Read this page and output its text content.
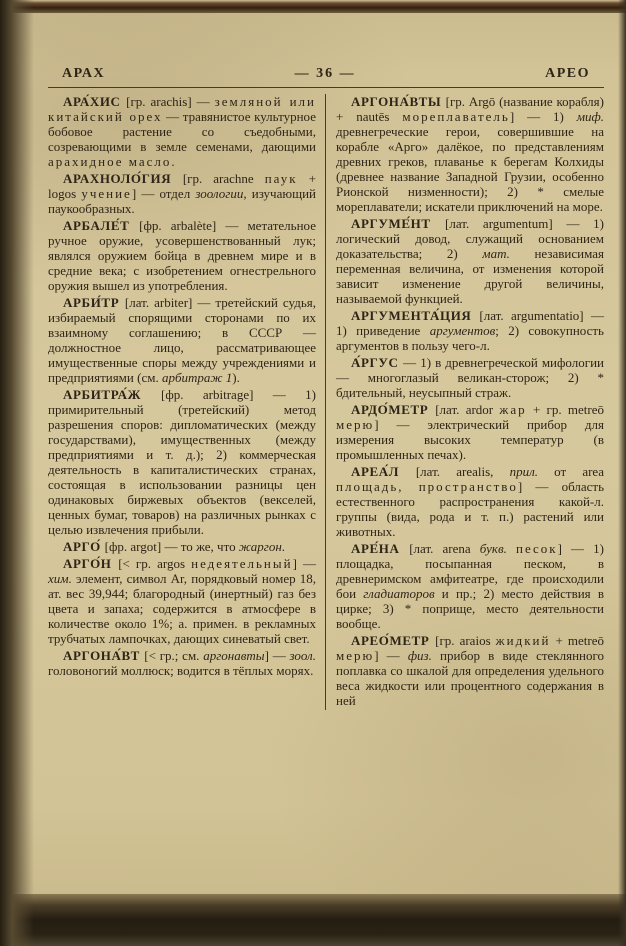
АРАХ	— 36 —	АРЕО

АРА́ХИС [гр. arachis] — земляной или китайский орех — травянистое культурное бобовое растение со съедобными, созревающими в земле семенами, дающими арахидное масло.

АРАХНОЛО́ГИЯ [гр. arachne паук + logos учение] — отдел зоологии, изучающий паукообразных.

АРБАЛЕ́Т [фр. arbalète] — метательное ручное оружие, усовершенствованный лук; являлся оружием бойца в древнем мире и в средние века; с изобретением огнестрельного оружия вышел из употребления.

АРБИ́ТР [лат. arbiter] — третейский судья, избираемый спорящими сторонами по их взаимному соглашению; в СССР — должностное лицо, рассматривающее имущественные споры между учреждениями и предприятиями (см. арбитраж 1).

АРБИТРА́Ж [фр. arbitrage] — 1) примирительный (третейский) метод разрешения споров: дипломатических (между государствами), имущественных (между предприятиями и т. д.); 2) коммерческая деятельность в капиталистических странах, состоящая в использовании разницы цен одинаковых биржевых объектов (векселей, ценных бумаг, товаров) на различных рынках с целью извлечения прибыли.

АРГО́ [фр. argot] — то же, что жаргон.

АРГО́Н [< гр. argos недеятельный] — хим. элемент, символ Ar, порядковый номер 18, ат. вес 39,944; благородный (инертный) газ без цвета и запаха; содержится в атмосфере в количестве около 1%; а. примен. в рекламных трубчатых лампочках, дающих синеватый свет.

АРГОНА́ВТ [< гр.; см. аргонавты] — зоол. головоногий моллюск; водится в тёплых морях.

АРГОНА́ВТЫ [гр. Argō (название корабля) + nautēs мореплаватель] — 1) миф. древнегреческие герои, совершившие на корабле «Арго» далёкое, по представлениям древних греков, плаванье к берегам Колхиды (древнее название Западной Грузии, особенно Рионской низменности); 2) * смелые мореплаватели; искатели приключений на море.

АРГУМЕ́НТ [лат. argumentum] — 1) логический довод, служащий основанием доказательства; 2) мат. независимая переменная величина, от изменения которой зависит изменение другой величины, называемой функцией.

АРГУМЕНТА́ЦИЯ [лат. argumentatio] — 1) приведение аргументов; 2) совокупность аргументов в пользу чего-л.

А́РГУС — 1) в древнегреческой мифологии — многоглазый великан-сторож; 2) * бдительный, неусыпный страж.

АРДО́МЕТР [лат. ardor жар + гр. metreō мерю] — электрический прибор для измерения высоких температур (в промышленных печах).

АРЕА́Л [лат. arealis, прил. от area площадь, пространство] — область естественного распространения какой-л. группы (вида, рода и т. п.) растений или животных.

АРЕ́НА [лат. arena букв. песок] — 1) площадка, посыпанная песком, в древнеримском амфитеатре, где происходили бои гладиаторов и пр.; 2) место действия в цирке; 3) * поприще, место деятельности вообще.

АРЕО́МЕТР [гр. araios жидкий + metreō мерю] — физ. прибор в виде стеклянного поплавка со шкалой для определения удельного веса жидкости или процентного содержания в ней
